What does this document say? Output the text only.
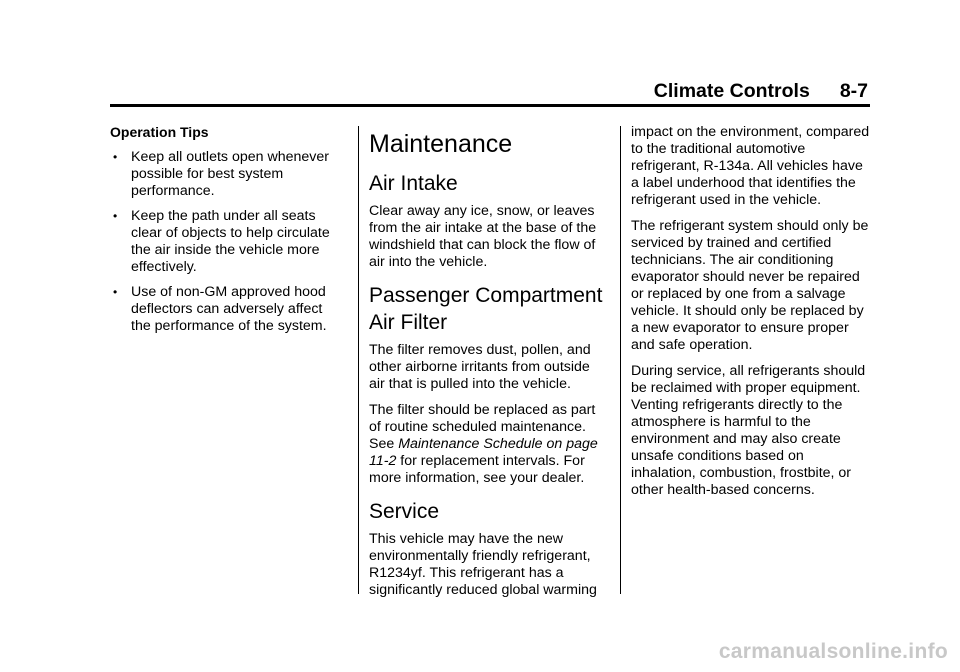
Climate Controls 8-7
Operation Tips
• Keep all outlets open whenever possible for best system performance.
• Keep the path under all seats clear of objects to help circulate the air inside the vehicle more effectively.
• Use of non-GM approved hood deflectors can adversely affect the performance of the system.
Maintenance
Air Intake

Clear away any ice, snow, or leaves from the air intake at the base of the windshield that can block the flow of air into the vehicle.

Passenger Compartment Air Filter

The filter removes dust, pollen, and other airborne irritants from outside air that is pulled into the vehicle.

The filter should be replaced as part of routine scheduled maintenance. See Maintenance Schedule on page 11-2 for replacement intervals. For more information, see your dealer.

Service

This vehicle may have the new environmentally friendly refrigerant, R1234yf. This refrigerant has a significantly reduced global warming

impact on the environment, compared to the traditional automotive refrigerant, R-134a. All vehicles have a label underhood that identifies the refrigerant used in the vehicle.

The refrigerant system should only be serviced by trained and certified technicians. The air conditioning evaporator should never be repaired or replaced by one from a salvage vehicle. It should only be replaced by a new evaporator to ensure proper and safe operation.

During service, all refrigerants should be reclaimed with proper equipment. Venting refrigerants directly to the atmosphere is harmful to the environment and may also create unsafe conditions based on inhalation, combustion, frostbite, or other health-based concerns.

carmanualsonline.info
